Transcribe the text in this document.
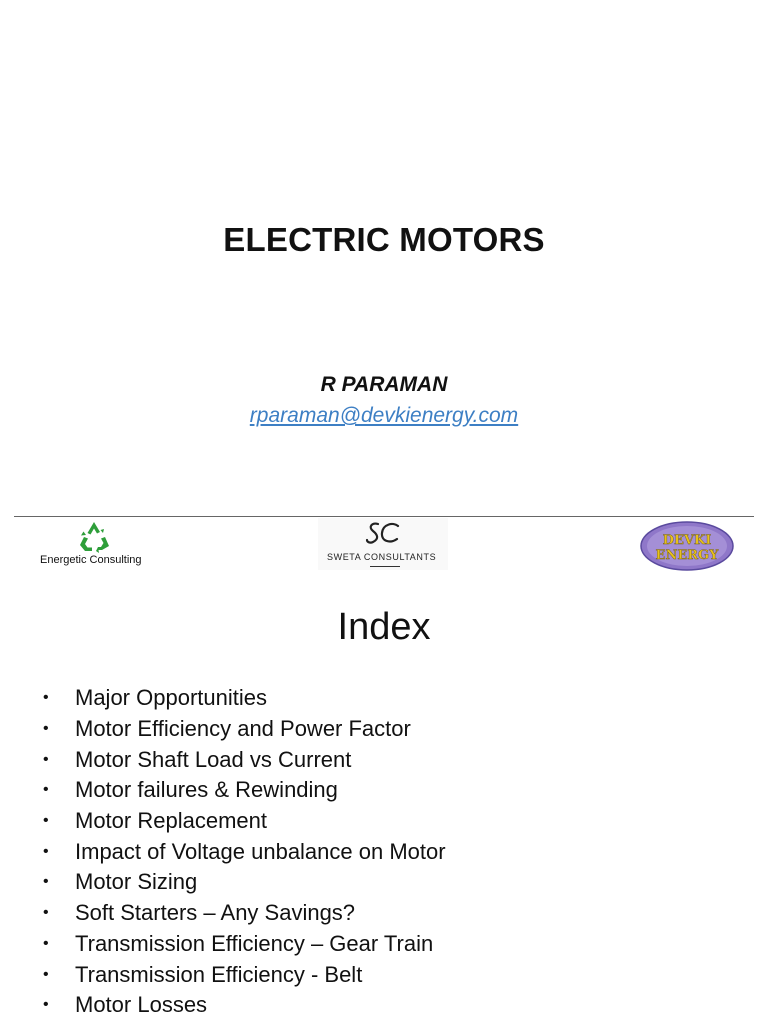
ELECTRIC MOTORS
R PARAMAN
rparaman@devkienergy.com
Energetic Consulting	SWETA CONSULTANTS
DEVKI
ENERGY
Index
•	Major Opportunities
•	Motor Efficiency and Power Factor
•	Motor Shaft Load vs Current
•	Motor failures & Rewinding
•	Motor Replacement
•	Impact of Voltage unbalance on Motor
•	Motor Sizing
•	Soft Starters – Any Savings?
•	Transmission Efficiency – Gear Train
•	Transmission Efficiency - Belt
•	Motor Losses
